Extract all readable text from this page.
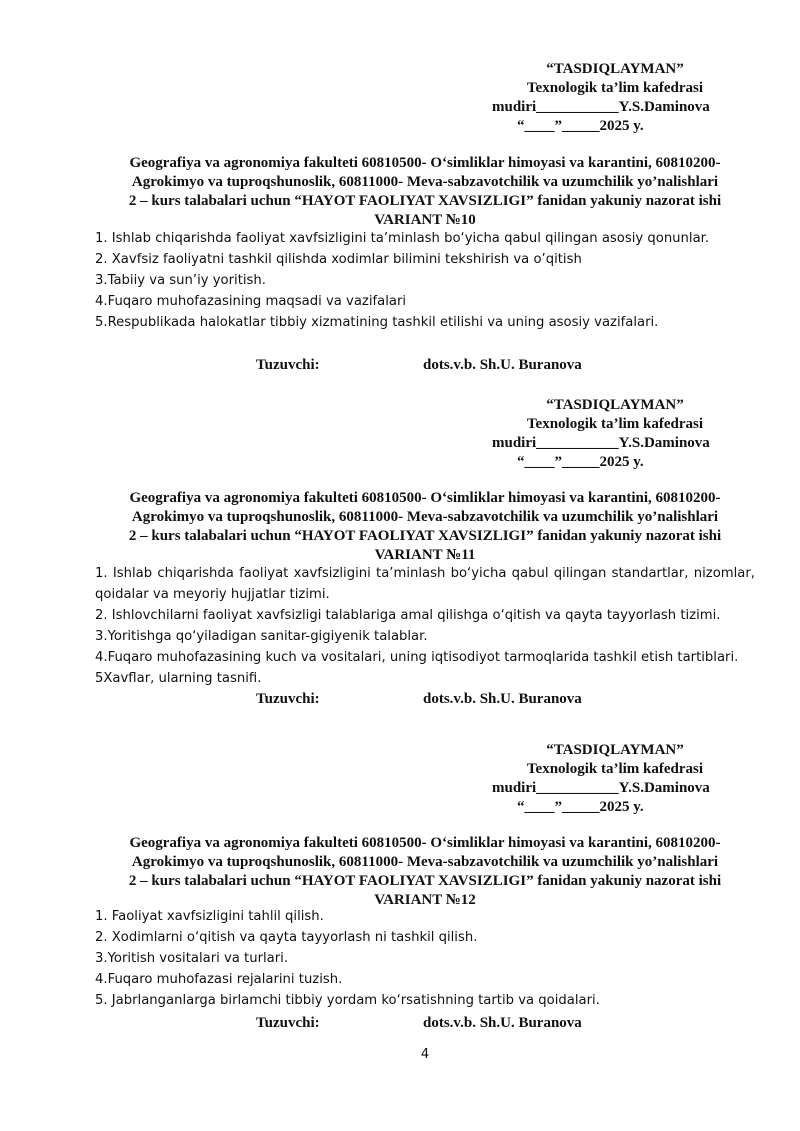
“TASDIQLAYMAN”
Texnologik ta’lim kafedrasi
mudiri___________Y.S.Daminova
“____”_____2025 y.
Geografiya va agronomiya fakulteti 60810500- O‘simliklar himoyasi va karantini, 60810200-
Agrokimyo va tuproqshunoslik, 60811000- Meva-sabzavotchilik va uzumchilik yo’nalishlari
2 – kurs talabalari uchun “HAYOT FAOLIYAT XAVSIZLIGI” fanidan yakuniy nazorat ishi
VARIANT №10
1. Ishlab chiqarishda faoliyat xavfsizligini ta’minlash bo‘yicha qabul qilingan asosiy qonunlar.
2. Xavfsiz faoliyatni tashkil qilishda xodimlar bilimini tekshirish va o’qitish
3.Tabiiy va sun’iy yoritish.
4.Fuqaro muhofazasining maqsadi va vazifalari
5.Respublikada halokatlar tibbiy xizmatining tashkil etilishi va uning asosiy vazifalari.
Tuzuvchi:	dots.v.b. Sh.U. Buranova
“TASDIQLAYMAN”
Texnologik ta’lim kafedrasi
mudiri___________Y.S.Daminova
“____”_____2025 y.
Geografiya va agronomiya fakulteti 60810500- O‘simliklar himoyasi va karantini, 60810200-
Agrokimyo va tuproqshunoslik, 60811000- Meva-sabzavotchilik va uzumchilik yo’nalishlari
2 – kurs talabalari uchun “HAYOT FAOLIYAT XAVSIZLIGI” fanidan yakuniy nazorat ishi
VARIANT №11
1. Ishlab chiqarishda faoliyat xavfsizligini ta’minlash bo‘yicha qabul qilingan standartlar, nizomlar, qoidalar va meyoriy hujjatlar tizimi.
2. Ishlovchilarni faoliyat xavfsizligi talablariga amal qilishga o‘qitish va qayta tayyorlash tizimi.
3.Yoritishga qo‘yiladigan sanitar-gigiyenik talablar.
4.Fuqaro muhofazasining kuch va vositalari, uning iqtisodiyot tarmoqlarida tashkil etish tartiblari.
5Xavflar, ularning tasnifi.
Tuzuvchi:	dots.v.b. Sh.U. Buranova
“TASDIQLAYMAN”
Texnologik ta’lim kafedrasi
mudiri___________Y.S.Daminova
“____”_____2025 y.
Geografiya va agronomiya fakulteti 60810500- O‘simliklar himoyasi va karantini, 60810200-
Agrokimyo va tuproqshunoslik, 60811000- Meva-sabzavotchilik va uzumchilik yo’nalishlari
2 – kurs talabalari uchun “HAYOT FAOLIYAT XAVSIZLIGI” fanidan yakuniy nazorat ishi
VARIANT №12
1. Faoliyat xavfsizligini tahlil qilish.
2. Xodimlarni o‘qitish va qayta tayyorlash ni tashkil qilish.
3.Yoritish vositalari va turlari.
4.Fuqaro muhofazasi rejalarini tuzish.
5. Jabrlanganlarga birlamchi tibbiy yordam ko‘rsatishning tartib va qoidalari.
Tuzuvchi:	dots.v.b. Sh.U. Buranova
4
